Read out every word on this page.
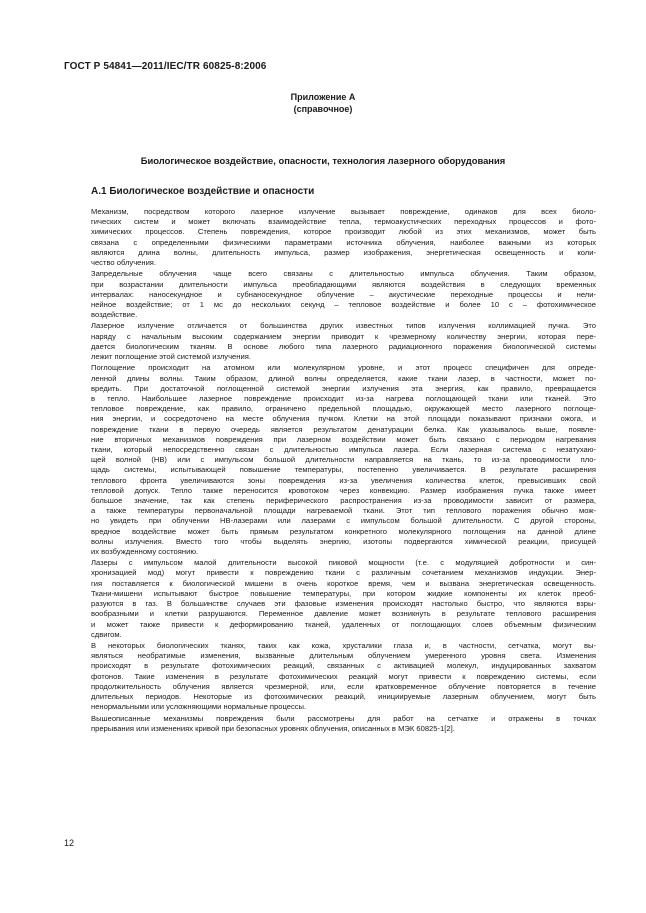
ГОСТ Р 54841—2011/IEC/TR 60825-8:2006
Приложение А
(справочное)
Биологическое воздействие, опасности, технология лазерного оборудования
А.1 Биологическое воздействие и опасности

Механизм, посредством которого лазерное излучение вызывает повреждение, одинаков для всех биоло-
гических систем и может включать взаимодействие тепла, термоакустических переходных процессов и фото-
химических процессов. Степень повреждения, которое производит любой из этих механизмов, может быть
связана с определенными физическими параметрами источника облучения, наиболее важными из которых
являются длина волны, длительность импульса, размер изображения, энергетическая освещенность и коли-
чество облучения.

Запредельные облучения чаще всего связаны с длительностью импульса облучения. Таким образом,
при возрастании длительности импульса преобладающими являются воздействия в следующих временных
интервалах: наносекундное и субнаносекундное облучение – акустические переходные процессы и нели-
нейное воздействие; от 1 мс до нескольких секунд – тепловое воздействие и более 10 с – фотохимическое
воздействие.

Лазерное излучение отличается от большинства других известных типов излучения коллимацией пучка. Это
наряду с начальным высоким содержанием энергии приводит к чрезмерному количеству энергии, которая пере-
дается биологическим тканям. В основе любого типа лазерного радиационного поражения биологической системы
лежит поглощение этой системой излучения.

Поглощение происходит на атомном или молекулярном уровне, и этот процесс специфичен для опреде-
ленной длины волны. Таким образом, длиной волны определяется, какие ткани лазер, в частности, может по-
вредить. При достаточной поглощенной системой энергии излучения эта энергия, как правило, превращается
в тепло. Наибольшее лазерное повреждение происходит из-за нагрева поглощающей ткани или тканей. Это
тепловое повреждение, как правило, ограничено предельной площадью, окружающей место лазерного поглоще-
ния энергии, и сосредоточено на месте облучения пучком. Клетки на этой площади показывают признаки ожога, и
повреждение ткани в первую очередь является результатом денатурации белка. Как указывалось выше, появле-
ние вторичных механизмов повреждения при лазерном воздействии может быть связано с периодом нагревания
ткани, который непосредственно связан с длительностью импульса лазера. Если лазерная система с незатухаю-
щей волной (НВ) или с импульсом большой длительности направляется на ткань, то из-за проводимости пло-
щадь системы, испытывающей повышение температуры, постепенно увеличивается. В результате расширения
теплового фронта увеличиваются зоны повреждения из-за увеличения количества клеток, превысивших свой
тепловой допуск. Тепло также переносится кровотоком через конвекцию. Размер изображения пучка также имеет
большое значение, так как степень периферического распространения из-за проводимости зависит от размера,
а также температуры первоначальной площади нагреваемой ткани. Этот тип теплового поражения обычно мож-
но увидеть при облучении НВ-лазерами или лазерами с импульсом большой длительности. С другой стороны,
вредное воздействие может быть прямым результатом конкретного молекулярного поглощения на данной длине
волны излучения. Вместо того чтобы выделять энергию, изотопы подвергаются химической реакции, присущей
их возбужденному состоянию.

Лазеры с импульсом малой длительности высокой пиковой мощности (т.е. с модуляцией добротности и син-
хронизацией мод) могут привести к повреждению ткани с различным сочетанием механизмов индукции. Энер-
гия поставляется к биологической мишени в очень короткое время, чем и вызвана энергетическая освещенность.
Ткани-мишени испытывают быстрое повышение температуры, при котором жидкие компоненты их клеток преоб-
разуются в газ. В большинстве случаев эти фазовые изменения происходят настолько быстро, что являются взры-
вообразными и клетки разрушаются. Переменное давление может возникнуть в результате теплового расширения
и может также привести к деформированию тканей, удаленных от поглощающих слоев объемным физическим
сдвигом.

В некоторых биологических тканях, таких как кожа, хрусталики глаза и, в частности, сетчатка, могут вы-
являться необратимые изменения, вызванные длительным облучением умеренного уровня света. Изменения
происходят в результате фотохимических реакций, связанных с активацией молекул, индуцированных захватом
фотонов. Такие изменения в результате фотохимических реакций могут привести к повреждению системы, если
продолжительность облучения является чрезмерной, или, если кратковременное облучение повторяется в течение
длительных периодов. Некоторые из фотохимических реакций, инициируемые лазерным облучением, могут быть
ненормальными или усложняющими нормальные процессы.

Вышеописанные механизмы повреждения были рассмотрены для работ на сетчатке и отражены в точках
прерывания или изменениях кривой при безопасных уровнях облучения, описанных в МЭК 60825-1[2].

12
